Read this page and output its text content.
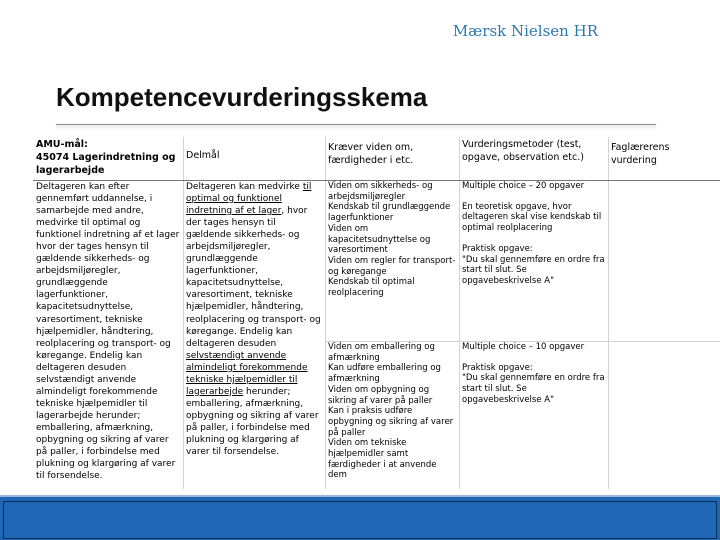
Mærsk Nielsen HR
Kompetencevurderingsskema
AMU-mål:
45074 Lagerindretning og lagerarbejde
Delmål
Kræver viden om, færdigheder i etc.
Vurderingsmetoder (test, opgave, observation etc.)
Faglærerens vurdering
Deltageren kan efter gennemført uddannelse, i samarbejde med andre, medvirke til optimal og funktionel indretning af et lager hvor der tages hensyn til gældende sikkerheds- og arbejdsmiljøregler, grundlæggende lagerfunktioner, kapacitetsudnyttelse, varesortiment, tekniske hjælpemidler, håndtering, reolplacering og transport- og køregange. Endelig kan deltageren desuden selvstændigt anvende almindeligt forekommende tekniske hjælpemidler til lagerarbejde herunder; emballering, afmærkning, opbygning og sikring af varer på paller, i forbindelse med plukning og klargøring af varer til forsendelse.
Deltageren kan medvirke til optimal og funktionel indretning af et lager, hvor der tages hensyn til gældende sikkerheds- og arbejdsmiljøregler, grundlæggende lagerfunktioner, kapacitetsudnyttelse, varesortiment, tekniske hjælpemidler, håndtering, reolplacering og transport- og køregange. Endelig kan deltageren desuden selvstændigt anvende almindeligt forekommende tekniske hjælpemidler til lagerarbejde herunder; emballering, afmærkning, opbygning og sikring af varer på paller, i forbindelse med plukning og klargøring af varer til forsendelse.
Viden om sikkerheds- og arbejdsmiljøregler
Kendskab til grundlæggende lagerfunktioner
Viden om kapacitetsudnyttelse og varesortiment
Viden om regler for transport- og køregange
Kendskab til optimal reolplacering

Multiple choice – 20 opgaver

En teoretisk opgave, hvor deltageren skal vise kendskab til optimal reolplacering

Praktisk opgave:
"Du skal gennemføre en ordre fra start til slut. Se opgavebeskrivelse A"

Viden om emballering og afmærkning
Kan udføre emballering og afmærkning
Viden om opbygning og sikring af varer på paller
Kan i praksis udføre opbygning og sikring af varer på paller
Viden om tekniske hjælpemidler samt færdigheder i at anvende dem

Multiple choice – 10 opgaver

Praktisk opgave:
"Du skal gennemføre en ordre fra start til slut. Se opgavebeskrivelse A"
